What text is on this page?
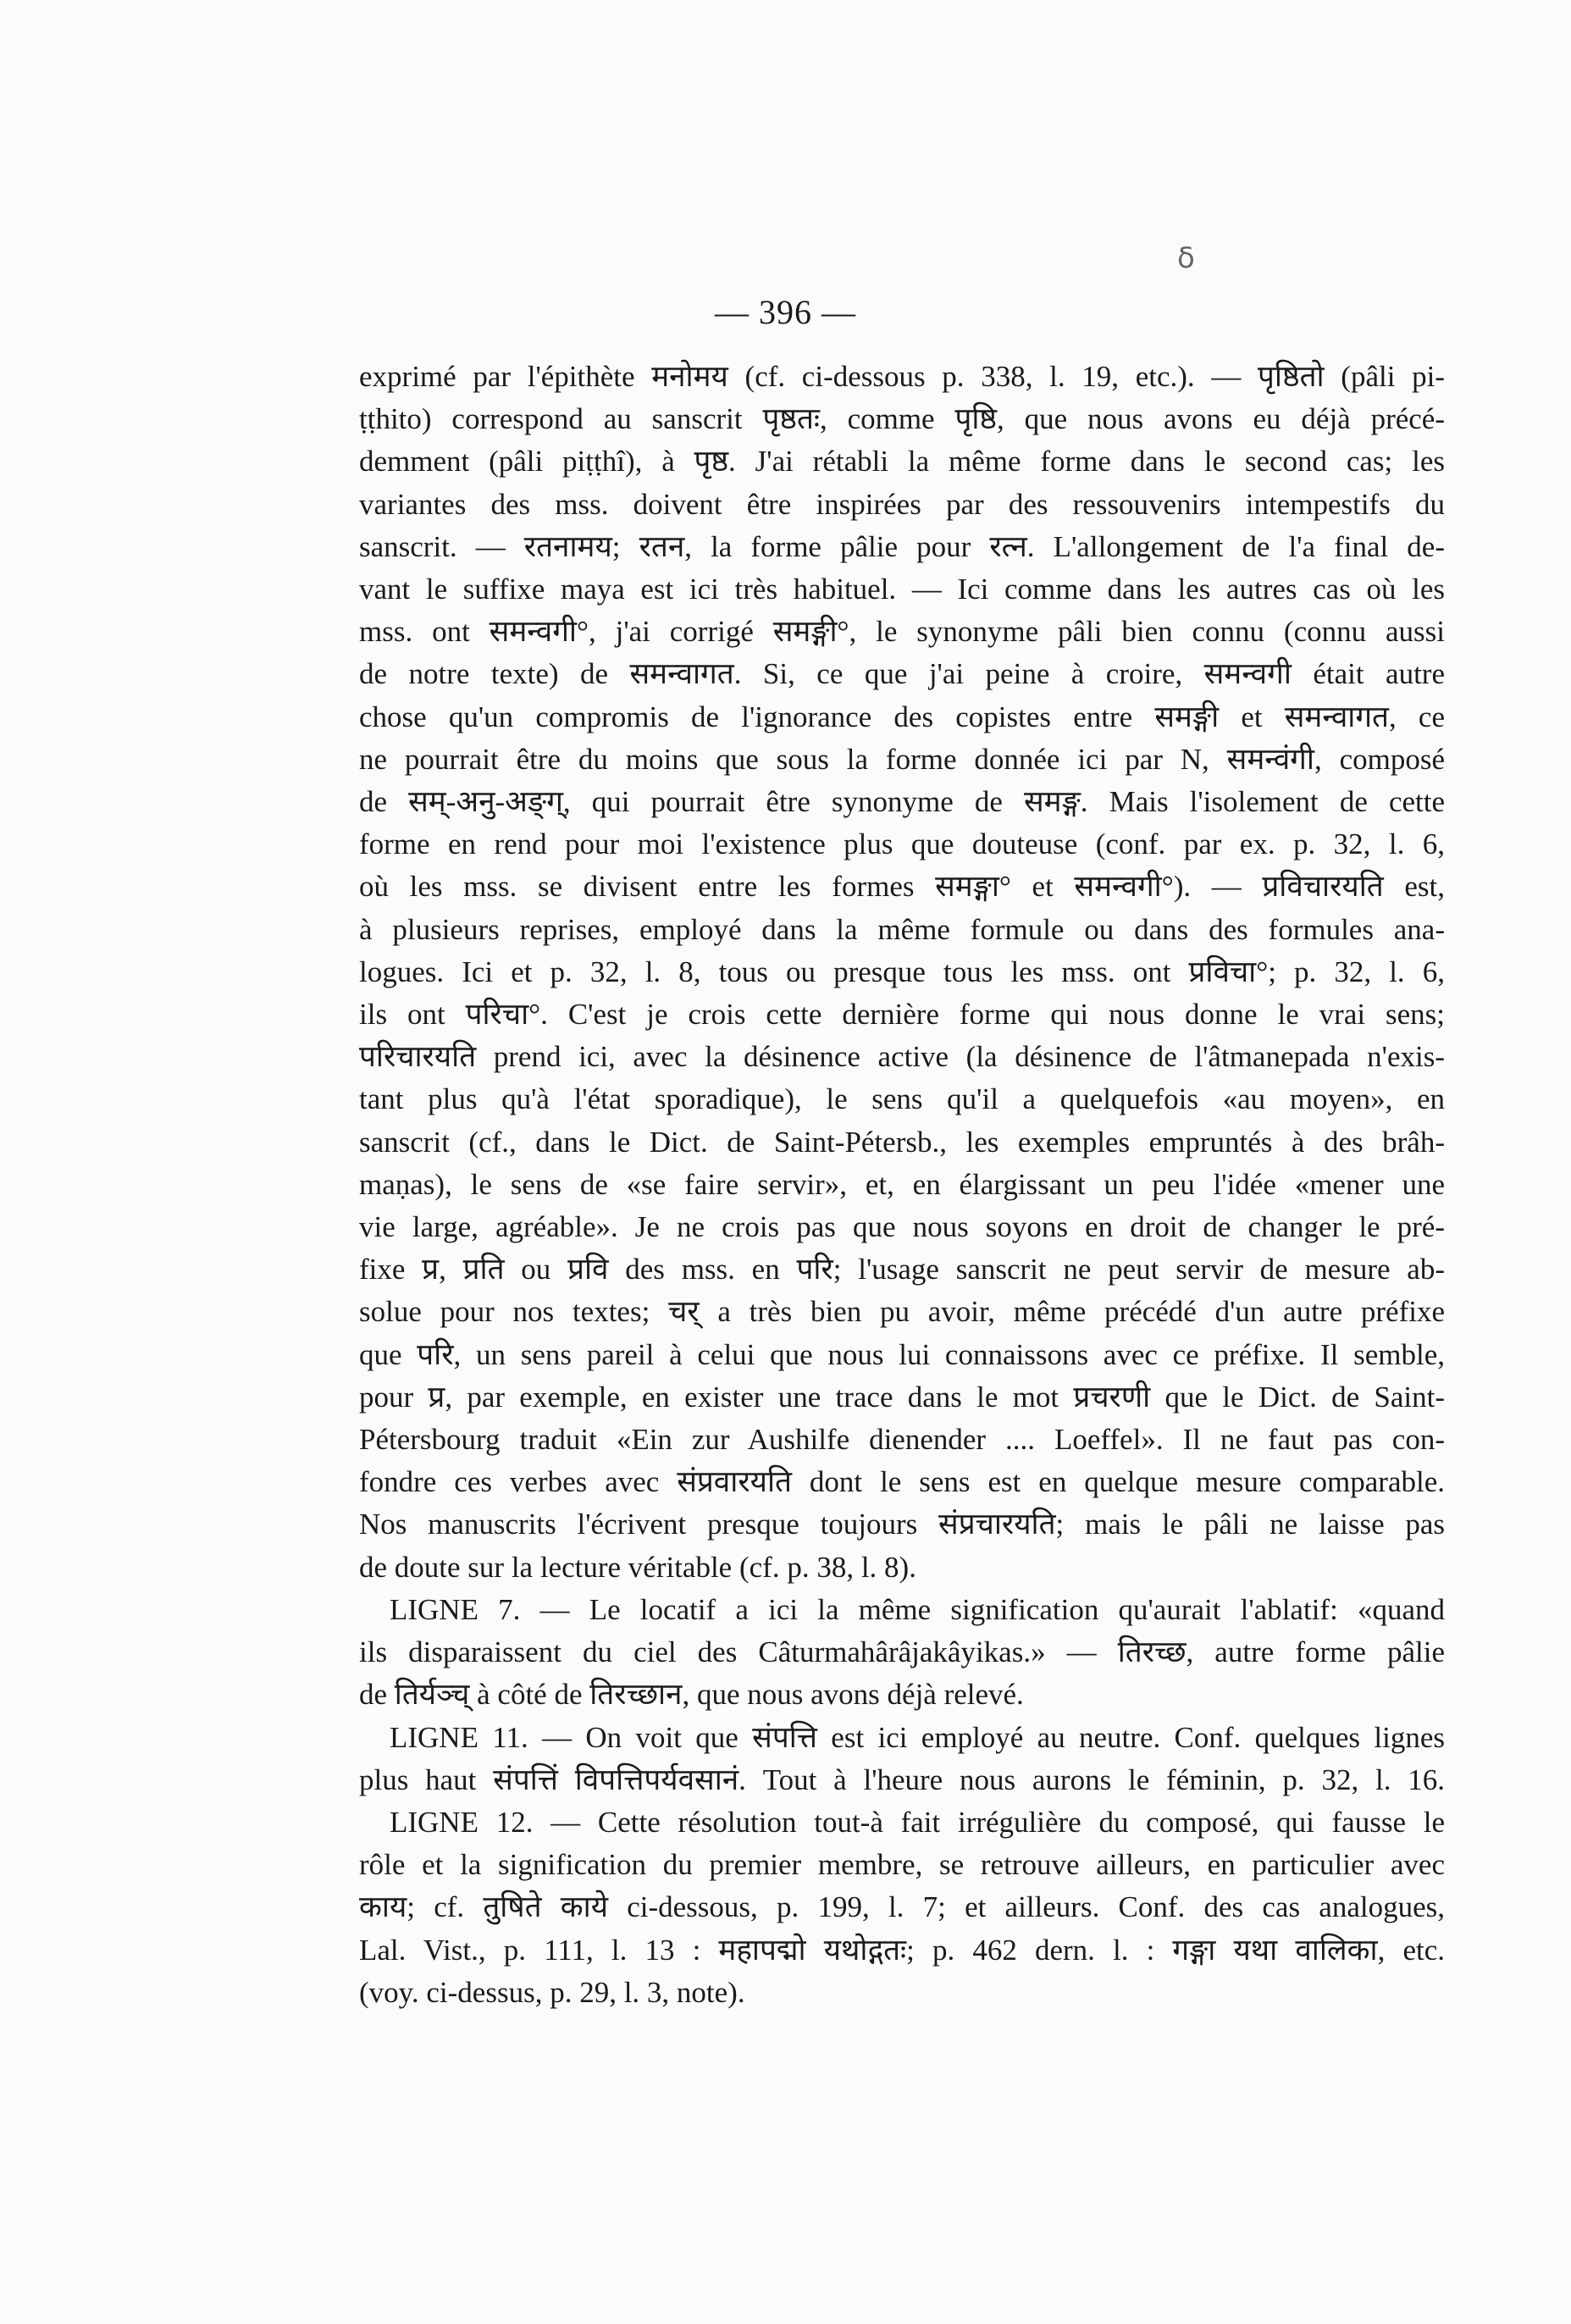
δ
— 396 —
exprimé par l'épithète मनोमय (cf. ci-dessous p. 338, l. 19, etc.). — पृष्ठितो (pâli pi-
ṭṭhito) correspond au sanscrit पृष्ठतः, comme पृष्ठि, que nous avons eu déjà précé-
demment (pâli piṭṭhî), à पृष्ठ. J'ai rétabli la même forme dans le second cas; les
variantes des mss. doivent être inspirées par des ressouvenirs intempestifs du
sanscrit. — रतनामय; रतन, la forme pâlie pour रत्न. L'allongement de l'a final de-
vant le suffixe maya est ici très habituel. — Ici comme dans les autres cas où les
mss. ont समन्वगी°, j'ai corrigé समङ्गी°, le synonyme pâli bien connu (connu aussi
de notre texte) de समन्वागत. Si, ce que j'ai peine à croire, समन्वगी était autre
chose qu'un compromis de l'ignorance des copistes entre समङ्गी et समन्वागत, ce
ne pourrait être du moins que sous la forme donnée ici par N, समन्वंगी, composé
de सम्-अनु-अङ्ग्, qui pourrait être synonyme de समङ्ग. Mais l'isolement de cette
forme en rend pour moi l'existence plus que douteuse (conf. par ex. p. 32, l. 6,
où les mss. se divisent entre les formes समङ्गा° et समन्वगी°). — प्रविचारयति est,
à plusieurs reprises, employé dans la même formule ou dans des formules ana-
logues. Ici et p. 32, l. 8, tous ou presque tous les mss. ont प्रविचा°; p. 32, l. 6,
ils ont परिचा°. C'est je crois cette dernière forme qui nous donne le vrai sens;
परिचारयति prend ici, avec la désinence active (la désinence de l'âtmanepada n'exis-
tant plus qu'à l'état sporadique), le sens qu'il a quelquefois «au moyen», en
sanscrit (cf., dans le Dict. de Saint-Pétersb., les exemples empruntés à des brâh-
maṇas), le sens de «se faire servir», et, en élargissant un peu l'idée «mener une
vie large, agréable». Je ne crois pas que nous soyons en droit de changer le pré-
fixe प्र, प्रति ou प्रवि des mss. en परि; l'usage sanscrit ne peut servir de mesure ab-
solue pour nos textes; चर् a très bien pu avoir, même précédé d'un autre préfixe
que परि, un sens pareil à celui que nous lui connaissons avec ce préfixe. Il semble,
pour प्र, par exemple, en exister une trace dans le mot प्रचरणी que le Dict. de Saint-
Pétersbourg traduit «Ein zur Aushilfe dienender .... Loeffel». Il ne faut pas con-
fondre ces verbes avec संप्रवारयति dont le sens est en quelque mesure comparable.
Nos manuscrits l'écrivent presque toujours संप्रचारयति; mais le pâli ne laisse pas
de doute sur la lecture véritable (cf. p. 38, l. 8).
LIGNE 7. — Le locatif a ici la même signification qu'aurait l'ablatif: «quand
ils disparaissent du ciel des Câturmahârâjakâyikas.» — तिरच्छ, autre forme pâlie
de तिर्यञ्च् à côté de तिरच्छान, que nous avons déjà relevé.
LIGNE 11. — On voit que संपत्ति est ici employé au neutre. Conf. quelques lignes
plus haut संपत्तिं विपत्तिपर्यवसानं. Tout à l'heure nous aurons le féminin, p. 32, l. 16.
LIGNE 12. — Cette résolution tout-à fait irrégulière du composé, qui fausse le
rôle et la signification du premier membre, se retrouve ailleurs, en particulier avec
काय; cf. तुषिते काये ci-dessous, p. 199, l. 7; et ailleurs. Conf. des cas analogues,
Lal. Vist., p. 111, l. 13 : महापद्मो यथोद्गतः; p. 462 dern. l. : गङ्गा यथा वालिका, etc.
(voy. ci-dessus, p. 29, l. 3, note).
